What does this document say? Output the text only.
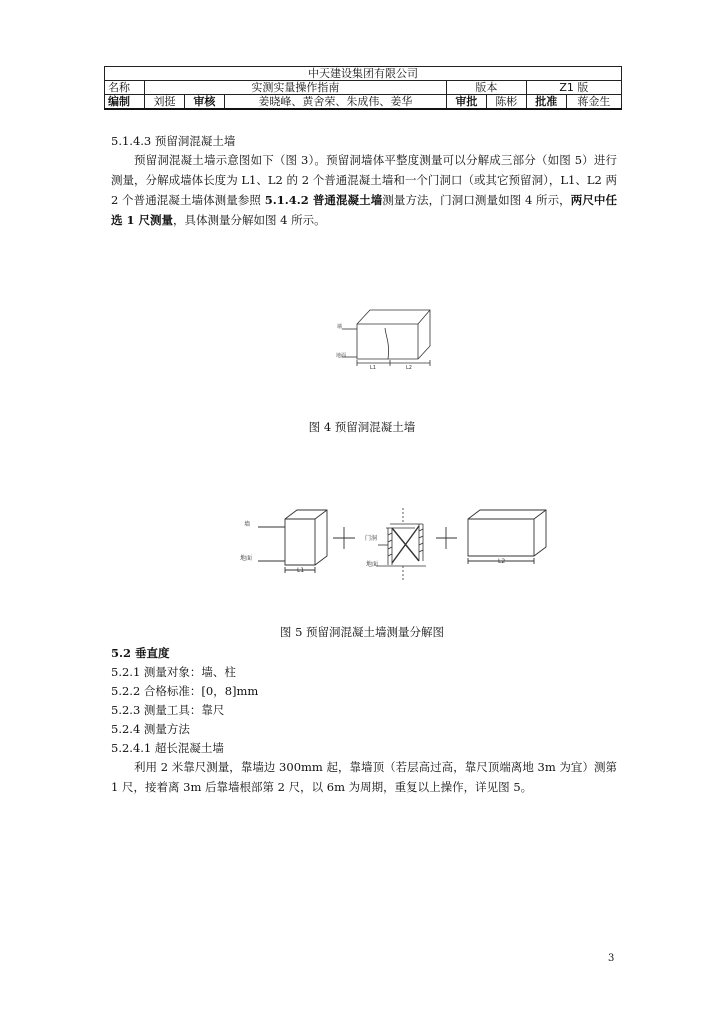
中天建设集团有限公司							
名称	实测实量操作指南			版本		Z1 版	
编制	刘挺	审核	姜晓峰、黄舍荣、朱成伟、姜华	审批	陈彬	批准	蒋金生

5.1.4.3 预留洞混凝土墙

预留洞混凝土墙示意图如下（图 3）。预留洞墙体平整度测量可以分解成三部分（如图 5）进行测量，分解成墙体长度为 L1、L2 的 2 个普通混凝土墙和一个门洞口（或其它预留洞），L1、L2 两 2 个普通混凝土墙体测量参照 5.1.4.2 普通混凝土墙测量方法，门洞口测量如图 4 所示，两尺中任选 1 尺测量，具体测量分解如图 4 所示。

墙
地面
L1	L2
图 4 预留洞混凝土墙
墙
地面
L1
门洞
地面	L2
图 5 预留洞混凝土墙测量分解图

5.2 垂直度

5.2.1 测量对象：墙、柱

5.2.2 合格标准：[0，8]mm

5.2.3 测量工具：靠尺

5.2.4 测量方法

5.2.4.1 超长混凝土墙

利用 2 米靠尺测量，靠墙边 300mm 起，靠墙顶（若层高过高，靠尺顶端离地 3m 为宜）测第 1 尺，接着离 3m 后靠墙根部第 2 尺，以 6m 为周期，重复以上操作，详见图 5。

3
